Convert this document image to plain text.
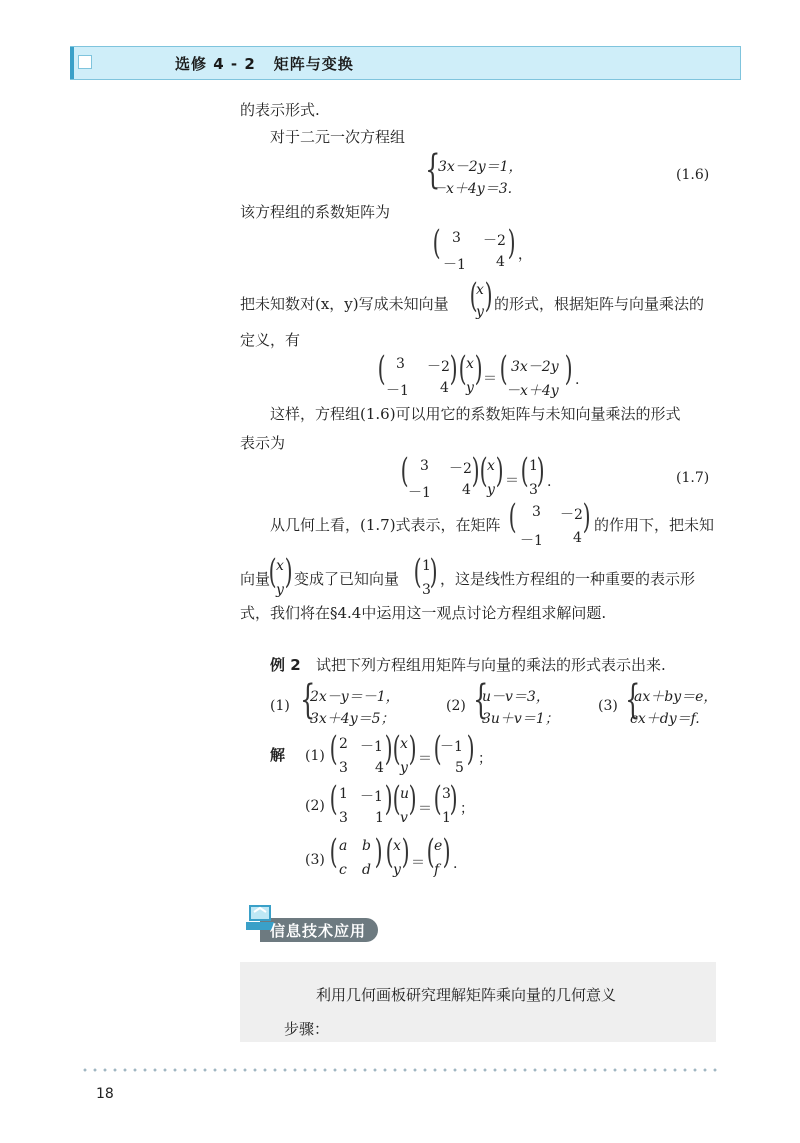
选修 4 - 2 矩阵与变换
的表示形式.
对于二元一次方程组
{
3x－2y＝1，
－x＋4y＝3.
(1.6)
该方程组的系数矩阵为
( 3 －2
－1 4 ) ，
把未知数对(x，y)写成未知向量 (
x
y ) 的形式，根据矩阵与向量乘法的
定义，有
( 3 －2
－1 4 ) ( x
y ) ＝ ( 3x－2y
－x＋4y
) .
这样，方程组(1.6)可以用它的系数矩阵与未知向量乘法的形式
表示为
( 3 －2
－1 4 ) ( x
y ) ＝ ( 1
3
) .	(1.7)
从几何上看，(1.7)式表示，在矩阵 ( 3 －2
－1 4
) 的作用下，把未知
向量
( x
y ) 变成了已知向量 ( 1
3
) ，这是线性方程组的一种重要的表示形
式，我们将在§4.4中运用这一观点讨论方程组求解问题.
例 2 试把下列方程组用矩阵与向量的乘法的形式表示出来.
(1) {
2x－y＝－1，
3x＋4y＝5；
(2) {
u－v＝3，
3u＋v＝1；
(3) {
ax＋by＝e，
cx＋dy＝f.
解 (1) ( 2 －1
3 4 ) ( x
y ) ＝ (
－1
5 ) ；
(2) ( 1 －1
3 1 ) ( u
v ) ＝ ( 3
1
) ；
(3) ( a b
c d ) ( x
y ) ＝ ( e
f ) .
信息技术应用
利用几何画板研究理解矩阵乘向量的几何意义
步骤：
18
